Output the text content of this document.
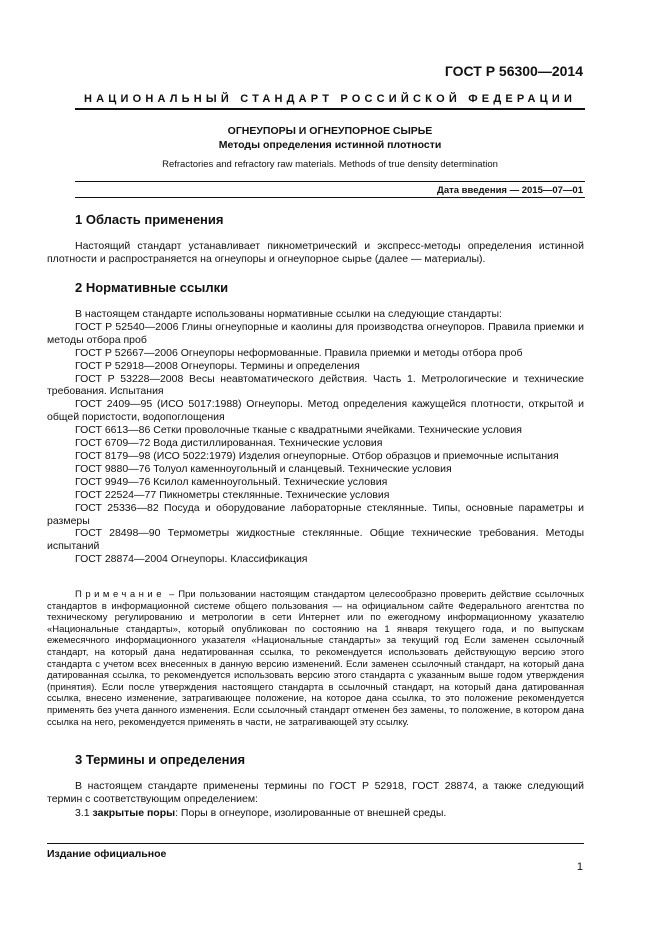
ГОСТ Р 56300—2014
НАЦИОНАЛЬНЫЙ СТАНДАРТ РОССИЙСКОЙ ФЕДЕРАЦИИ
ОГНЕУПОРЫ И ОГНЕУПОРНОЕ СЫРЬЕ
Методы определения истинной плотности
Refractories and refractory raw materials. Methods of true density determination
Дата введения — 2015—07—01
1 Область применения

Настоящий стандарт устанавливает пикнометрический и экспресс-методы определения истинной плотности и распространяется на огнеупоры и огнеупорное сырье (далее — материалы).

2 Нормативные ссылки

В настоящем стандарте использованы нормативные ссылки на следующие стандарты:

ГОСТ Р 52540—2006 Глины огнеупорные и каолины для производства огнеупоров. Правила приемки и методы отбора проб

ГОСТ Р 52667—2006 Огнеупоры неформованные. Правила приемки и методы отбора проб

ГОСТ Р 52918—2008 Огнеупоры. Термины и определения

ГОСТ Р 53228—2008 Весы неавтоматического действия. Часть 1. Метрологические и технические требования. Испытания

ГОСТ 2409—95 (ИСО 5017:1988) Огнеупоры. Метод определения кажущейся плотности, открытой и общей пористости, водопоглощения

ГОСТ 6613—86 Сетки проволочные тканые с квадратными ячейками. Технические условия

ГОСТ 6709—72 Вода дистиллированная. Технические условия

ГОСТ 8179—98 (ИСО 5022:1979) Изделия огнеупорные. Отбор образцов и приемочные испытания

ГОСТ 9880—76 Толуол каменноугольный и сланцевый. Технические условия

ГОСТ 9949—76 Ксилол каменноугольный. Технические условия

ГОСТ 22524—77 Пикнометры стеклянные. Технические условия

ГОСТ 25336—82 Посуда и оборудование лабораторные стеклянные. Типы, основные параметры и размеры

ГОСТ 28498—90 Термометры жидкостные стеклянные. Общие технические требования. Методы испытаний

ГОСТ 28874—2004 Огнеупоры. Классификация

Примечание – При пользовании настоящим стандартом целесообразно проверить действие ссылочных стандартов в информационной системе общего пользования — на официальном сайте Федерального агентства по техническому регулированию и метрологии в сети Интернет или по ежегодному информационному указателю «Национальные стандарты», который опубликован по состоянию на 1 января текущего года, и по выпускам ежемесячного информационного указателя «Национальные стандарты» за текущий год Если заменен ссылочный стандарт, на который дана недатированная ссылка, то рекомендуется использовать действующую версию этого стандарта с учетом всех внесенных в данную версию изменений. Если заменен ссылочный стандарт, на который дана датированная ссылка, то рекомендуется использовать версию этого стандарта с указанным выше годом утверждения (принятия). Если после утверждения настоящего стандарта в ссылочный стандарт, на который дана датированная ссылка, внесено изменение, затрагивающее положение, на которое дана ссылка, то это положение рекомендуется применять без учета данного изменения. Если ссылочный стандарт отменен без замены, то положение, в котором дана ссылка на него, рекомендуется применять в части, не затрагивающей эту ссылку.

3 Термины и определения

В настоящем стандарте применены термины по ГОСТ Р 52918, ГОСТ 28874, а также следующий термин с соответствующим определением:

3.1 закрытые поры: Поры в огнеупоре, изолированные от внешней среды.

Издание официальное
1
